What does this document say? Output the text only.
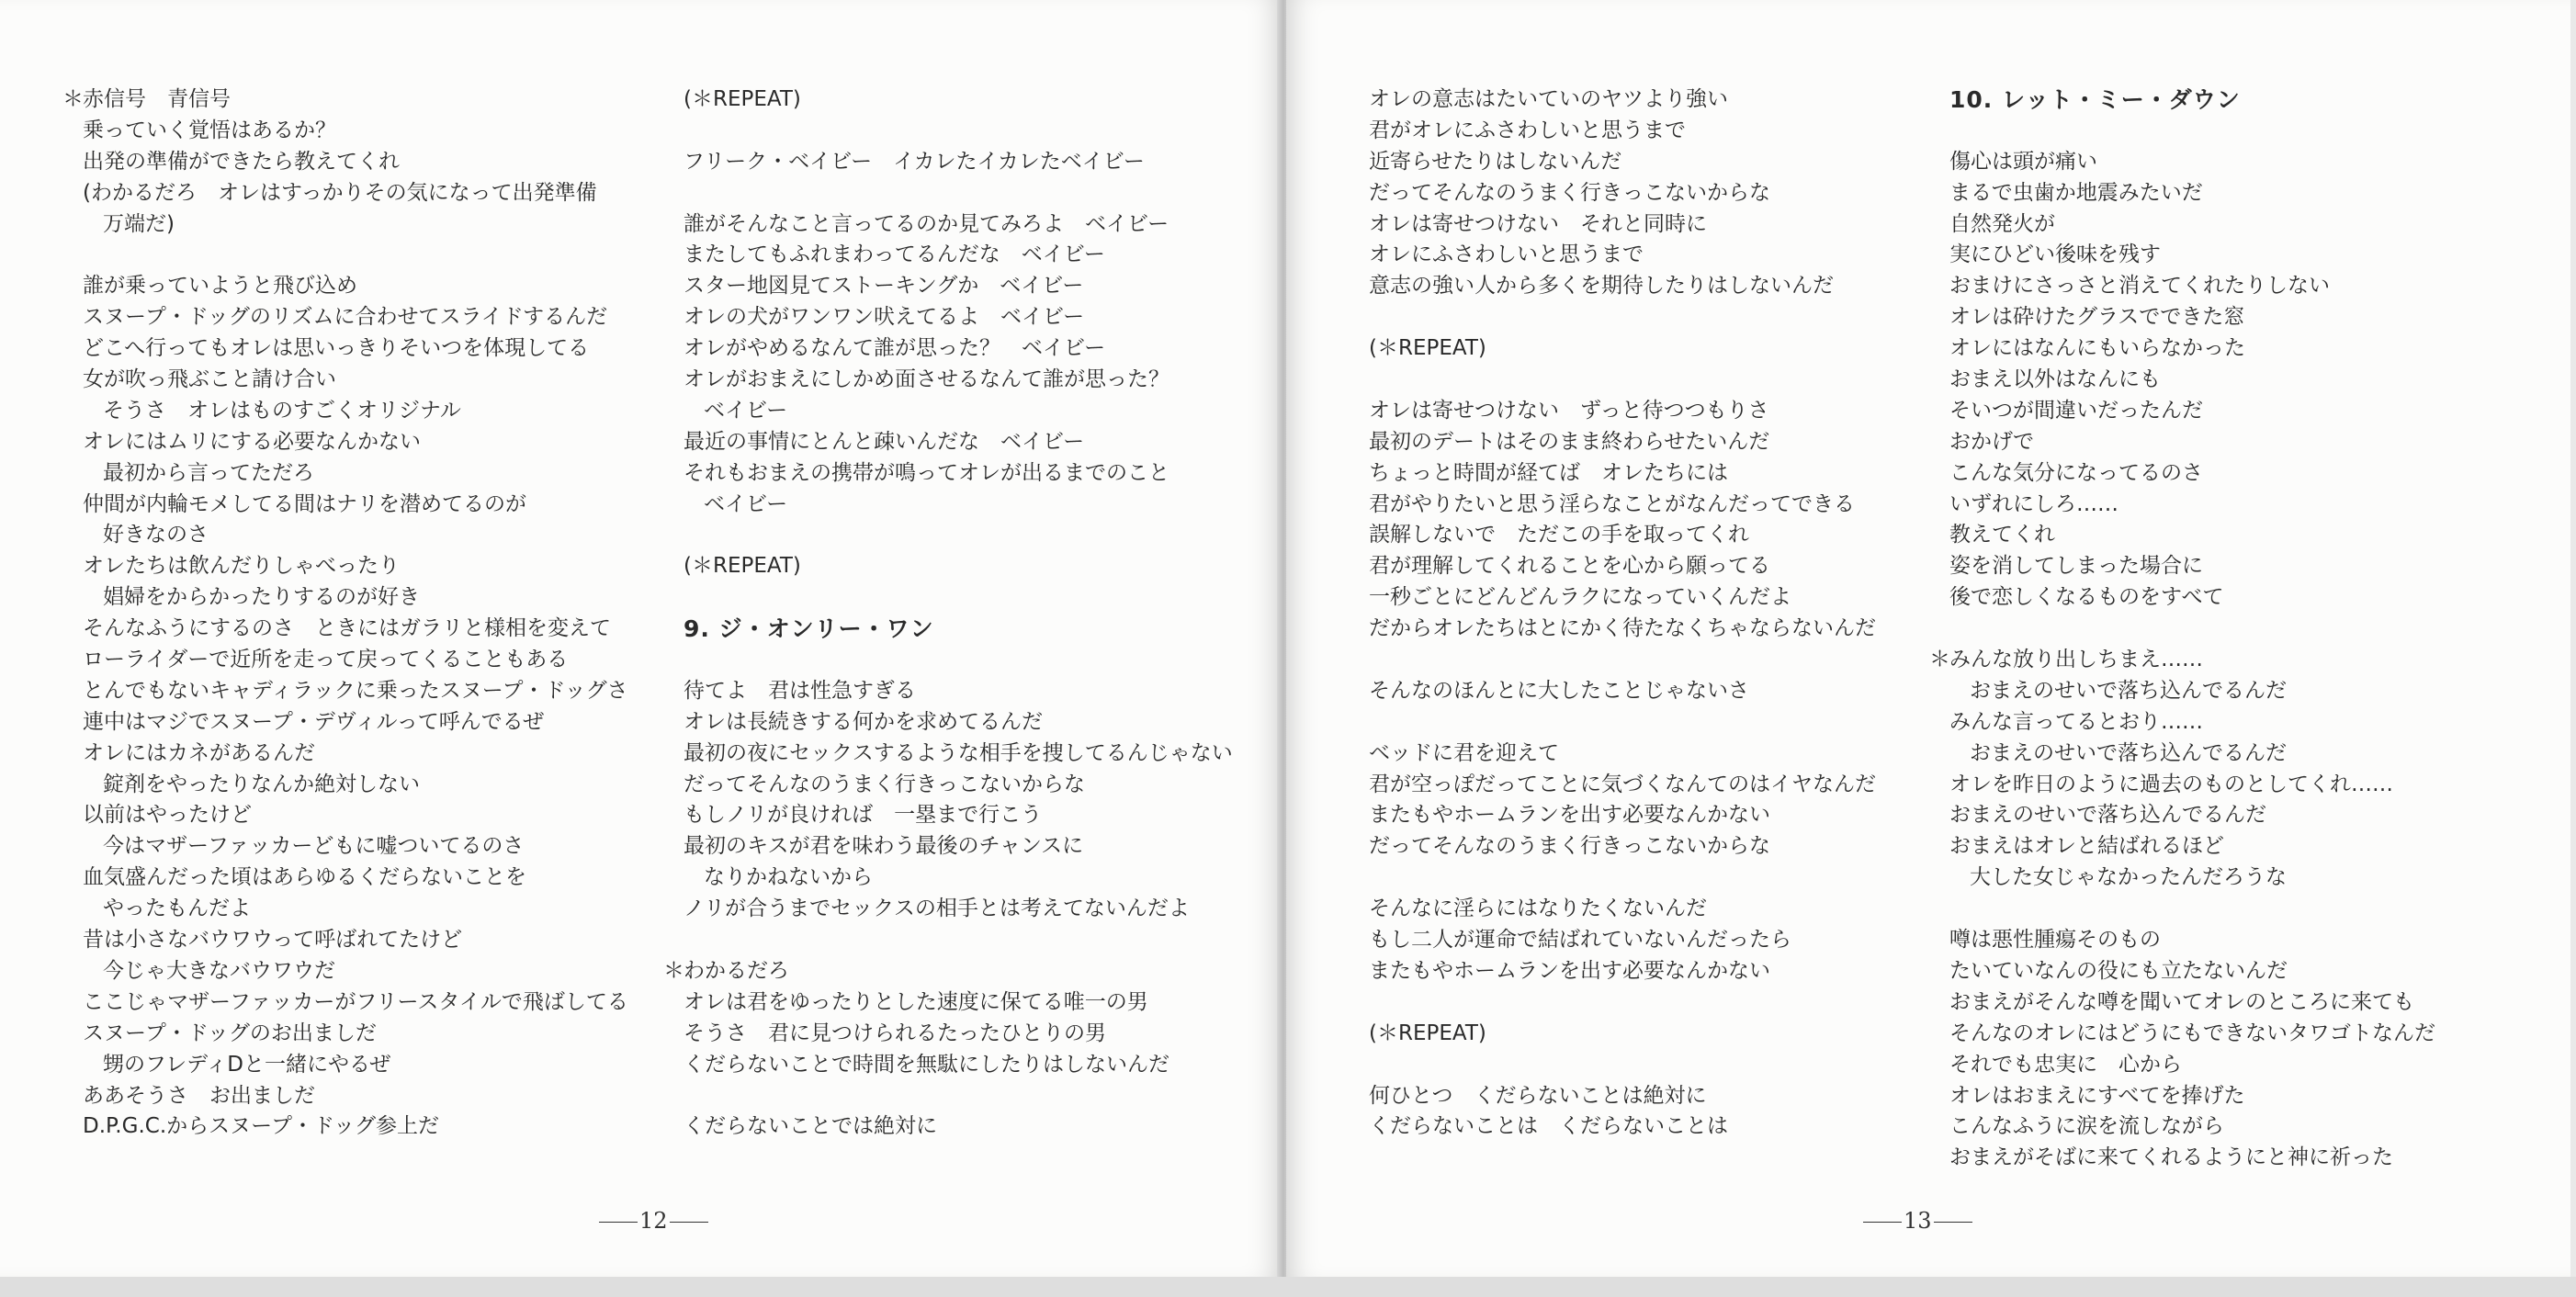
＊ 赤信号　青信号
乗っていく覚悟はあるか？
出発の準備ができたら教えてくれ
(わかるだろ　オレはすっかりその気になって出発準備
万端だ)
誰が乗っていようと飛び込め
スヌープ・ドッグのリズムに合わせてスライドするんだ
どこへ行ってもオレは思いっきりそいつを体現してる
女が吹っ飛ぶこと請け合い
そうさ　オレはものすごくオリジナル
オレにはムリにする必要なんかない
最初から言ってただろ
仲間が内輪モメしてる間はナリを潜めてるのが
好きなのさ
オレたちは飲んだりしゃべったり
娼婦をからかったりするのが好き
そんなふうにするのさ　ときにはガラリと様相を変えて
ローライダーで近所を走って戻ってくることもある
とんでもないキャディラックに乗ったスヌープ・ドッグさ
連中はマジでスヌープ・デヴィルって呼んでるぜ
オレにはカネがあるんだ
錠剤をやったりなんか絶対しない
以前はやったけど
今はマザーファッカーどもに嘘ついてるのさ
血気盛んだった頃はあらゆるくだらないことを
やったもんだよ
昔は小さなバウワウって呼ばれてたけど
今じゃ大きなバウワウだ
ここじゃマザーファッカーがフリースタイルで飛ばしてる
スヌープ・ドッグのお出ましだ
甥のフレディDと一緒にやるぜ
ああそうさ　お出ましだ
D.P.G.C.からスヌープ・ドッグ参上だ
(＊REPEAT)
フリーク・ベイビー　イカレたイカレたベイビー
誰がそんなこと言ってるのか見てみろよ　ベイビー
またしてもふれまわってるんだな　ベイビー
スター地図見てストーキングか　ベイビー
オレの犬がワンワン吠えてるよ　ベイビー
オレがやめるなんて誰が思った？　ベイビー
オレがおまえにしかめ面させるなんて誰が思った？
ベイビー
最近の事情にとんと疎いんだな　ベイビー
それもおまえの携帯が鳴ってオレが出るまでのこと
ベイビー
(＊REPEAT)
9. ジ・オンリー・ワン
待てよ　君は性急すぎる
オレは長続きする何かを求めてるんだ
最初の夜にセックスするような相手を捜してるんじゃない
だってそんなのうまく行きっこないからな
もしノリが良ければ　一塁まで行こう
最初のキスが君を味わう最後のチャンスに
なりかねないから
ノリが合うまでセックスの相手とは考えてないんだよ
＊ わかるだろ
オレは君をゆったりとした速度に保てる唯一の男
そうさ　君に見つけられるたったひとりの男
くだらないことで時間を無駄にしたりはしないんだ
くだらないことでは絶対に
12
オレの意志はたいていのヤツより強い
君がオレにふさわしいと思うまで
近寄らせたりはしないんだ
だってそんなのうまく行きっこないからな
オレは寄せつけない　それと同時に
オレにふさわしいと思うまで
意志の強い人から多くを期待したりはしないんだ
(＊REPEAT)
オレは寄せつけない　ずっと待つつもりさ
最初のデートはそのまま終わらせたいんだ
ちょっと時間が経てば　オレたちには
君がやりたいと思う淫らなことがなんだってできる
誤解しないで　ただこの手を取ってくれ
君が理解してくれることを心から願ってる
一秒ごとにどんどんラクになっていくんだよ
だからオレたちはとにかく待たなくちゃならないんだ
そんなのほんとに大したことじゃないさ
ベッドに君を迎えて
君が空っぽだってことに気づくなんてのはイヤなんだ
またもやホームランを出す必要なんかない
だってそんなのうまく行きっこないからな
そんなに淫らにはなりたくないんだ
もし二人が運命で結ばれていないんだったら
またもやホームランを出す必要なんかない
(＊REPEAT)
何ひとつ　くだらないことは絶対に
くだらないことは　くだらないことは
10. レット・ミー・ダウン
傷心は頭が痛い
まるで虫歯か地震みたいだ
自然発火が
実にひどい後味を残す
おまけにさっさと消えてくれたりしない
オレは砕けたグラスでできた窓
オレにはなんにもいらなかった
おまえ以外はなんにも
そいつが間違いだったんだ
おかげで
こんな気分になってるのさ
いずれにしろ……
教えてくれ
姿を消してしまった場合に
後で恋しくなるものをすべて
＊ みんな放り出しちまえ……
おまえのせいで落ち込んでるんだ
みんな言ってるとおり……
おまえのせいで落ち込んでるんだ
オレを昨日のように過去のものとしてくれ……
おまえのせいで落ち込んでるんだ
おまえはオレと結ばれるほど
大した女じゃなかったんだろうな
噂は悪性腫瘍そのもの
たいていなんの役にも立たないんだ
おまえがそんな噂を聞いてオレのところに来ても
そんなのオレにはどうにもできないタワゴトなんだ
それでも忠実に　心から
オレはおまえにすべてを捧げた
こんなふうに涙を流しながら
おまえがそばに来てくれるようにと神に祈った
13
